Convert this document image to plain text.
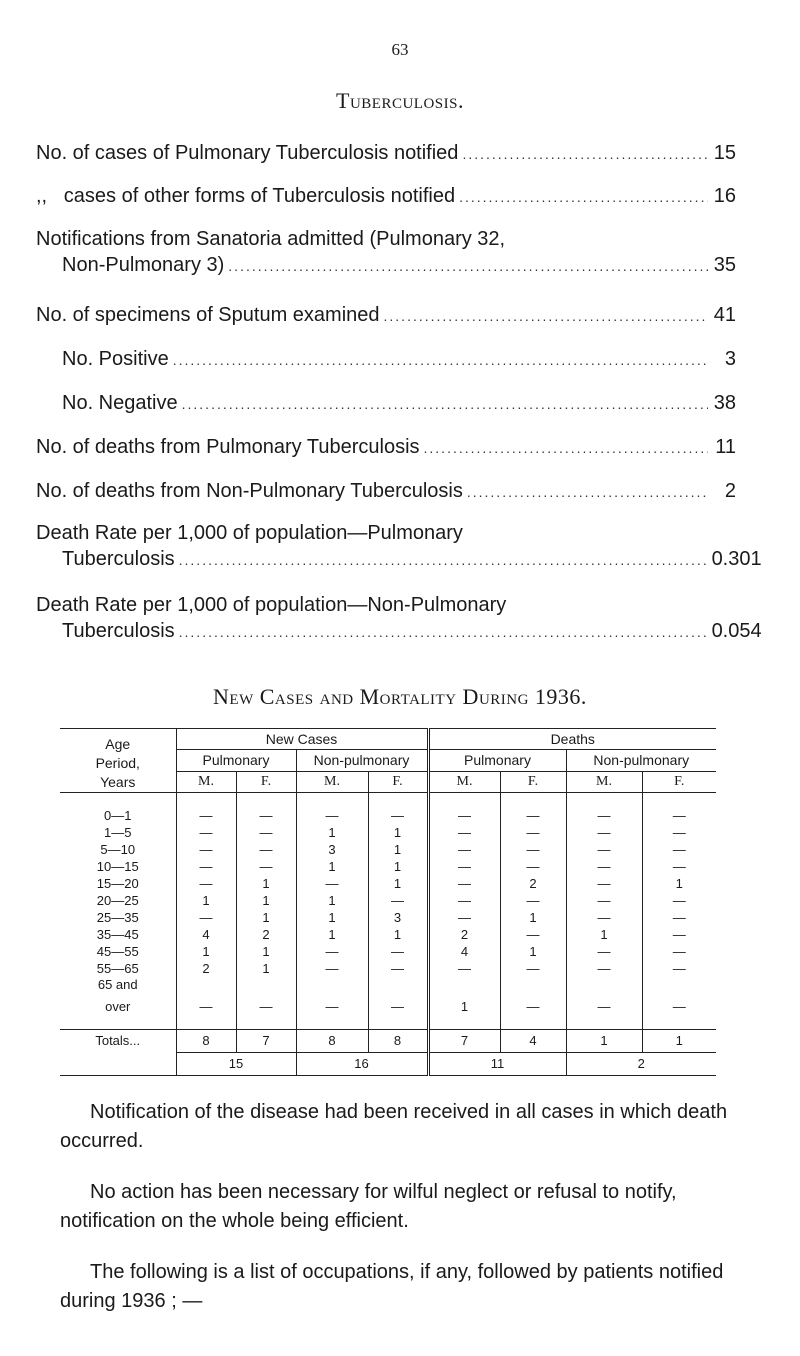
63
Tuberculosis.
No. of cases of Pulmonary Tuberculosis notified .....	15
,,   cases of other forms of Tuberculosis notified .....	16
Notifications from Sanatoria admitted (Pulmonary 32,
Non-Pulmonary 3) .....	35
No. of specimens of Sputum examined .....	41
No. Positive .....	3
No. Negative .....	38
No. of deaths from Pulmonary Tuberculosis .....	11
No. of deaths from Non-Pulmonary Tuberculosis .....	2
Death Rate per 1,000 of population—Pulmonary
Tuberculosis .....	0.301
Death Rate per 1,000 of population—Non-Pulmonary
Tuberculosis .....	0.054
New Cases and Mortality During 1936.
Age
Period,
Years	New Cases				Deaths			
	Pulmonary		Non-pulmonary		Pulmonary		Non-pulmonary	
	M.	F.	M.	F.	M.	F.	M.	F.

0—1	—	—	—	—	—	—	—	—
1—5	—	—	1	1	—	—	—	—
5—10	—	—	3	1	—	—	—	—
10—15	—	—	1	1	—	—	—	—
15—20	—	1	—	1	—	2	—	1
20—25	1	1	1	—	—	—	—	—
25—35	—	1	1	3	—	1	—	—
35—45	4	2	1	1	2	—	1	—
45—55	1	1	—	—	4	1	—	—
55—65	2	1	—	—	—	—	—	—

65 and
over	—	—	—	—	1	—	—	—

Totals...	8	7	8	8	7	4	1	1
	15		16		11		2	
Notification of the disease had been received in all cases in which death occurred.
No action has been necessary for wilful neglect or refusal to notify, notification on the whole being efficient.
The following is a list of occupations, if any, followed by patients notified during 1936 ; —
